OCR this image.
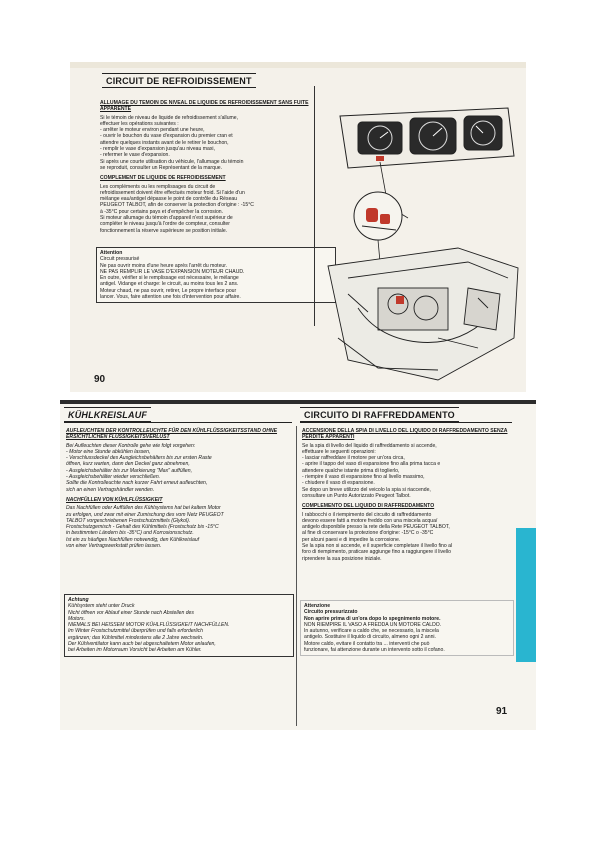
CIRCUIT DE REFROIDISSEMENT

ALLUMAGE DU TEMOIN DE NIVEAL DE LIQUIDE DE REFROIDISSEMENT SANS FUITE APPARENTE

Si le témoin de niveau de liquide de refroidissement s'allume,
effectuer les opérations suivantes :
- arrêter le moteur environ pendant une heure,
- ouvrir le bouchon du vase d'expansion du premier cran et
attendre quelques instants avant de le retirer le bouchon,
- remplir le vase d'expansion jusqu'au niveau maxi,
- refermer le vase d'expansion.
Si après une courte utilisation du véhicule, l'allumage du témoin
se reproduit, consulter un Représentant de la marque.

COMPLEMENT DE LIQUIDE DE REFROIDISSEMENT

Les compléments ou les remplissages du circuit de
refroidissement doivent être effectués moteur froid. Si l'aide d'un
mélange eau/antigel dépasse le point de contrôle du Réseau
PEUGEOT TALBOT, afin de conserver la protection d'origine : -15°C
à -35°C pour certains pays et d'empêcher la corrosion.
Si moteur allumage du témoin d'appareil n'est supérieur de
compléter le niveau jusqu'à l'ordre de compteur, consulter
fonctionnement la réserve supérieure se position initiale.
Attention
Circuit pressurisé
Ne pas ouvrir moins d'une heure après l'arrêt du moteur.
NE PAS REMPLIR LE VASE D'EXPANSION MOTEUR CHAUD.
En outre, vérifier si le remplissage est nécessaire, le mélange
antigel. Vidange et charge: le circuit, au moins tous les 2 ans.
Moteur chaud, ne pas ouvrir, retirer, Le propre interface pour
lancer. Vous, faire attention une fois d'intervention pour affaire.
90
KÜHLKREISLAUF	CIRCUITO DI RAFFREDDAMENTO

AUFLEUCHTEN DER KONTROLLEUCHTE FÜR DEN KÜHLFLÜSSIGKEITSSTAND OHNE ERSICHTLICHEN FLÜSSIGKEITSVERLUST

Bei Aufleuchten dieser Kontrolle gehe wie folgt vorgehen:
- Motor eine Stunde abkühlen lassen,
- Verschlussdeckel des Ausgleichsbehälters bis zur ersten Raste
öffnen, kurz warten, dann den Deckel ganz abnehmen,
- Ausgleichsbehälter bis zur Markierung "Max" auffüllen,
- Ausgleichsbehälter wieder verschließen.
Sollte die Kontrolleuchte nach kurzer Fahrt erneut aufleuchten,
sich an einen Vertragshändler wenden.

NACHFÜLLEN VON KÜHLFLÜSSIGKEIT

Das Nachfüllen oder Auffüllen des Kühlsystems hat bei kaltem Motor
zu erfolgen, und zwar mit einer Zumischung des vom Netz PEUGEOT
TALBOT vorgeschriebenen Frostschutzmittels (Glykol).
Frostschutzgemisch - Gehalt des Kühlmittels (Frostschutz bis -15°C
in bestimmten Ländern bis -35°C) und Korrosionsschutz.
Ist ein zu häufiges Nachfüllen notwendig, den Kühlkreislauf
von einer Vertragswerkstatt prüfen lassen.
Achtung
Kühlsystem steht unter Druck
Nicht öffnen vor Ablauf einer Stunde nach Abstellen des
Motors.
NIEMALS BEI HEISSEM MOTOR KÜHLFLÜSSIGKEIT NACHFÜLLEN.
Im Winter Frostschutzmittel überprüfen und falls erforderlich
ergänzen; das Kühlmittel mindestens alle 2 Jahre wechseln.
Der Kühlventilator kann auch bei abgeschaltetem Motor anlaufen,
bei Arbeiten im Motorraum Vorsicht bei Arbeiten am Kühler.

ACCENSIONE DELLA SPIA DI LIVELLO DEL LIQUIDO DI RAFFREDDAMENTO SENZA PERDITE APPARENTI

Se la spia di livello del liquido di raffreddamento si accende,
effettuare le seguenti operazioni:
- lasciar raffreddare il motore per un'ora circa,
- aprire il tappo del vaso di espansione fino alla prima tacca e
attendere qualche istante prima di toglierlo,
- riempire il vaso di espansione fino al livello massimo,
- chiudere il vaso di espansione.
Se dopo un breve utilizzo del veicolo la spia si riaccende,
consultare un Punto Autorizzato Peugeot Talbot.

COMPLEMENTO DEL LIQUIDO DI RAFFREDDAMENTO

I rabbocchi o il riempimento del circuito di raffreddamento
devono essere fatti a motore freddo con una miscela acqua/
antigelo disponibile presso la rete della Rete PEUGEOT TALBOT,
al fine di conservare la protezione d'origine: -15°C o -35°C
per alcuni paesi e di impedire la corrosione.
Se la spia non si accende, e il superficie completare il livello fino al
foro di riempimento, praticare aggiunge fino a raggiungere il livello
riprendere la sua posizione iniziale.
Attenzione
Circuito pressurizzato
Non aprire prima di un'ora dopo lo spegnimento motore.
NON RIEMPIRE IL VASO A FREDDA UN MOTORE CALDO.
In autunno, verificare a caldo che, se necessario, la miscela
antigelo. Sostituire il liquido di circuito, almeno ogni 2 anni.
Motore caldo, evitare il contatto tra ... interventi che può
funzionare, fai attenzione durante un intervento sotto il cofano.
91
